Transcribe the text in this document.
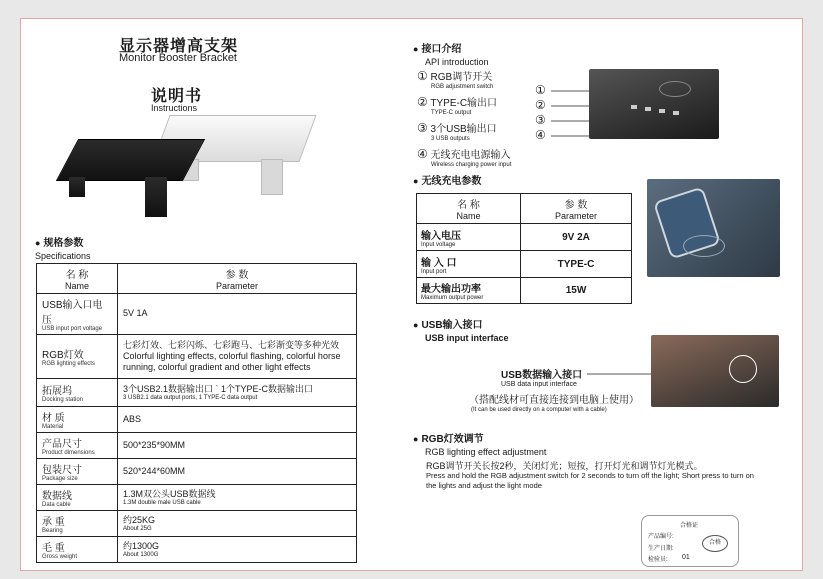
显示器增高支架
Monitor Booster Bracket
说明书
Instructions
● 规格参数
Specifications
名 称
Name	参 数
Parameter

USB输入口电压
USB input port voltage	5V 1A

RGB灯效
RGB lighting effects	七彩灯效、七彩闪烁、七彩跑马、七彩渐变等多种光效
Colorful lighting effects, colorful flashing, colorful horse running, colorful gradient and other light effects

拓展坞
Docking station	3个USB2.1数据输出口 ˋ 1个TYPE-C数据输出口
3 USB2.1 data output ports, 1 TYPE-C data output

材 质
Material	ABS

产品尺寸
Product dimensions	500*235*90MM

包装尺寸
Package size	520*244*60MM

数据线
Data cable	1.3M双公头USB数据线
1.3M double male USB cable

承 重
Bearing	约25KG
About 25G

毛 重
Gross weight	约1300G
About 1300G
● 接口介绍
API introduction
① RGB调节开关
RGB adjustment switch
② TYPE-C输出口
TYPE-C output
③ 3个USB输出口
3 USB outputs
④ 无线充电电源输入
Wireless charging power input
①
②
③
④
● 无线充电参数
名 称
Name	参 数
Parameter

输入电压
Input voltage	9V 2A

输 入 口
Input port	TYPE-C

最大输出功率
Maximum output power	15W
● USB输入接口
USB input interface
USB数据输入接口
USB data input interface
（搭配线材可直接连接到电脑上使用）
(It can be used directly on a computer with a cable)
● RGB灯效调节
RGB lighting effect adjustment
RGB调节开关长按2秒，关闭灯光；短按，打开灯光和调节灯光模式。
Press and hold the RGB adjustment switch for 2 seconds to turn off the light; Short press to turn on the lights and adjust the light mode
合格证
产品编号:
生产日期:
检验员: 01
合格
